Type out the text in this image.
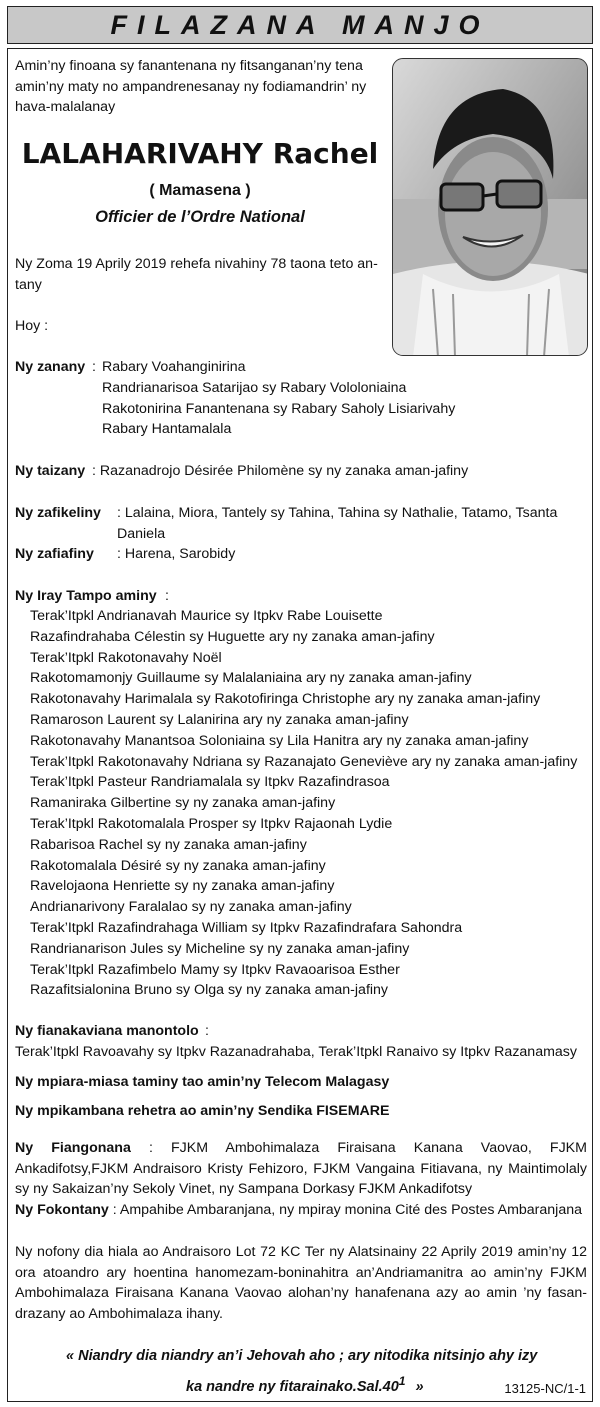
FILAZANA MANJO
Amin’ny finoana sy fanantenana ny fitsanganan’ny tena amin’ny maty no ampandrenesanay ny fodiamandrin’ ny hava-malalanay
LALAHARIVAHY Rachel
( Mamasena )
Officier de l’Ordre National
Ny Zoma 19 Aprily 2019 rehefa nivahiny 78 taona teto an-tany
Hoy :
Ny zanany : Rabary Voahanginirina
Randrianarisoa Satarijao sy Rabary Vololoniaina
Rakotonirina Fanantenana sy Rabary Saholy Lisiarivahy
Rabary Hantamalala
Ny taizany : Razanadrojo Désirée Philomène sy ny zanaka aman-jafiny
Ny zafikeliny : Lalaina, Miora, Tantely sy Tahina, Tahina sy Nathalie, Tatamo, Tsanta Daniela
Ny zafiafiny : Harena, Sarobidy
Ny Iray Tampo aminy :
Terak’Itpkl Andrianavah Maurice sy Itpkv Rabe Louisette
Razafindrahaba Célestin sy Huguette ary ny zanaka aman-jafiny
Terak’Itpkl Rakotonavahy Noël
Rakotomamonjy Guillaume sy Malalaniaina ary ny zanaka aman-jafiny
Rakotonavahy Harimalala sy Rakotofiringa Christophe ary ny zanaka aman-jafiny
Ramaroson Laurent sy Lalanirina ary ny zanaka aman-jafiny
Rakotonavahy Manantsoa Soloniaina sy Lila Hanitra ary ny zanaka aman-jafiny
Terak’Itpkl Rakotonavahy Ndriana sy Razanajato Geneviève ary ny zanaka aman-jafiny
Terak’Itpkl Pasteur Randriamalala sy Itpkv Razafindrasoa
Ramaniraka Gilbertine sy ny zanaka aman-jafiny
Terak’Itpkl Rakotomalala Prosper sy Itpkv Rajaonah Lydie
Rabarisoa Rachel sy ny zanaka aman-jafiny
Rakotomalala Désiré sy ny zanaka aman-jafiny
Ravelojaona Henriette sy ny zanaka aman-jafiny
Andrianarivony Faralalao sy ny zanaka aman-jafiny
Terak’Itpkl Razafindrahaga William sy Itpkv Razafindrafara Sahondra
Randrianarison Jules sy Micheline sy ny zanaka aman-jafiny
Terak’Itpkl Razafimbelo Mamy sy Itpkv Ravaoarisoa Esther
Razafitsialonina Bruno sy Olga sy ny zanaka aman-jafiny
Ny fianakaviana manontolo :
Terak’Itpkl Ravoavahy sy Itpkv Razanadrahaba, Terak’Itpkl Ranaivo sy Itpkv Razanamasy
Ny mpiara-miasa taminy tao amin’ny Telecom Malagasy
Ny mpikambana rehetra ao amin’ny Sendika FISEMARE
Ny Fiangonana : FJKM Ambohimalaza Firaisana Kanana Vaovao, FJKM Ankadifotsy,FJKM Andraisoro Kristy Fehizoro, FJKM Vangaina Fitiavana, ny Maintimolaly sy ny Sakaizan’ny Sekoly Vinet, ny Sampana Dorkasy FJKM Ankadifotsy
Ny Fokontany : Ampahibe Ambaranjana, ny mpiray monina Cité des Postes Ambaranjana
Ny nofony dia hiala ao Andraisoro Lot 72 KC Ter ny Alatsinainy 22 Aprily 2019 amin’ny 12 ora atoandro ary hoentina hanomezam-boninahitra an’Andriamanitra ao amin’ny FJKM Ambohimalaza Firaisana Kanana Vaovao alohan’ny hanafenana azy ao amin ’ny fasan-drazany ao Ambohimalaza ihany.
« Niandry dia niandry an’i Jehovah aho ; ary nitodika nitsinjo ahy izy
ka nandre ny $fitarainako.Sal.40^1$ »	13125-NC/1-1
